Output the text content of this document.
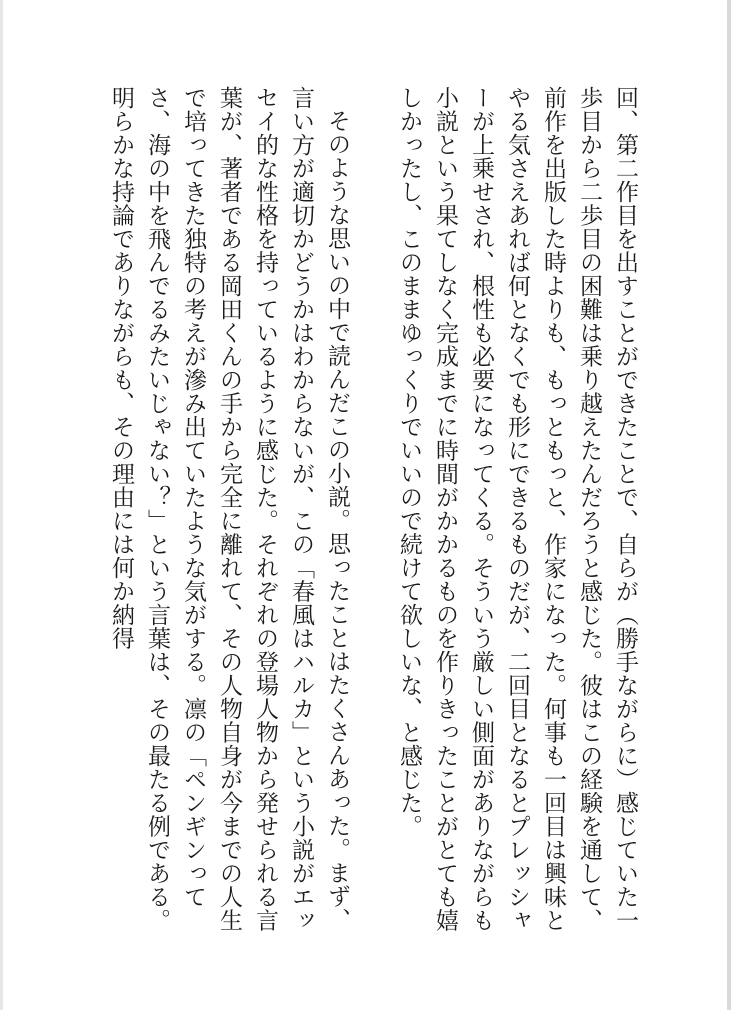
回、第二作目を出すことができたことで、自らが（勝手ながらに）感じていた一歩目から二歩目の困難は乗り越えたんだろうと感じた。彼はこの経験を通して、前作を出版した時よりも、もっともっと、作家になった。何事も一回目は興味とやる気さえあれば何となくでも形にできるものだが、二回目となるとプレッシャーが上乗せされ、根性も必要になってくる。そういう厳しい側面がありながらも小説という果てしなく完成までに時間がかかるものを作りきったことがとても嬉しかったし、このままゆっくりでいいので続けて欲しいな、と感じた。

そのような思いの中で読んだこの小説。思ったことはたくさんあった。まず、言い方が適切かどうかはわからないが、この「春風はハルカ」という小説がエッセイ的な性格を持っているように感じた。それぞれの登場人物から発せられる言葉が、著者である岡田くんの手から完全に離れて、その人物自身が今までの人生で培ってきた独特の考えが滲み出ていたような気がする。凛の「ペンギンってさ、海の中を飛んでるみたいじゃない？」という言葉は、その最たる例である。明らかな持論でありながらも、その理由には何か納得
